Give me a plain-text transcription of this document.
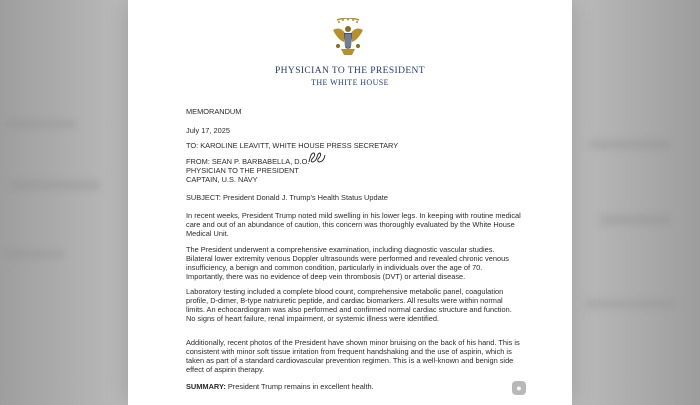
PHYSICIAN TO THE PRESIDENT
THE WHITE HOUSE
MEMORANDUM
July 17, 2025
TO: KAROLINE LEAVITT, WHITE HOUSE PRESS SECRETARY
FROM: SEAN P. BARBABELLA, D.O.
PHYSICIAN TO THE PRESIDENT
CAPTAIN, U.S. NAVY
SUBJECT: President Donald J. Trump's Health Status Update
In recent weeks, President Trump noted mild swelling in his lower legs. In keeping with routine medical care and out of an abundance of caution, this concern was thoroughly evaluated by the White House Medical Unit.
The President underwent a comprehensive examination, including diagnostic vascular studies. Bilateral lower extremity venous Doppler ultrasounds were performed and revealed chronic venous insufficiency, a benign and common condition, particularly in individuals over the age of 70. Importantly, there was no evidence of deep vein thrombosis (DVT) or arterial disease.
Laboratory testing included a complete blood count, comprehensive metabolic panel, coagulation profile, D-dimer, B-type natriuretic peptide, and cardiac biomarkers. All results were within normal limits. An echocardiogram was also performed and confirmed normal cardiac structure and function. No signs of heart failure, renal impairment, or systemic illness were identified.
Additionally, recent photos of the President have shown minor bruising on the back of his hand. This is consistent with minor soft tissue irritation from frequent handshaking and the use of aspirin, which is taken as part of a standard cardiovascular prevention regimen. This is a well-known and benign side effect of aspirin therapy.
SUMMARY: President Trump remains in excellent health.	●
